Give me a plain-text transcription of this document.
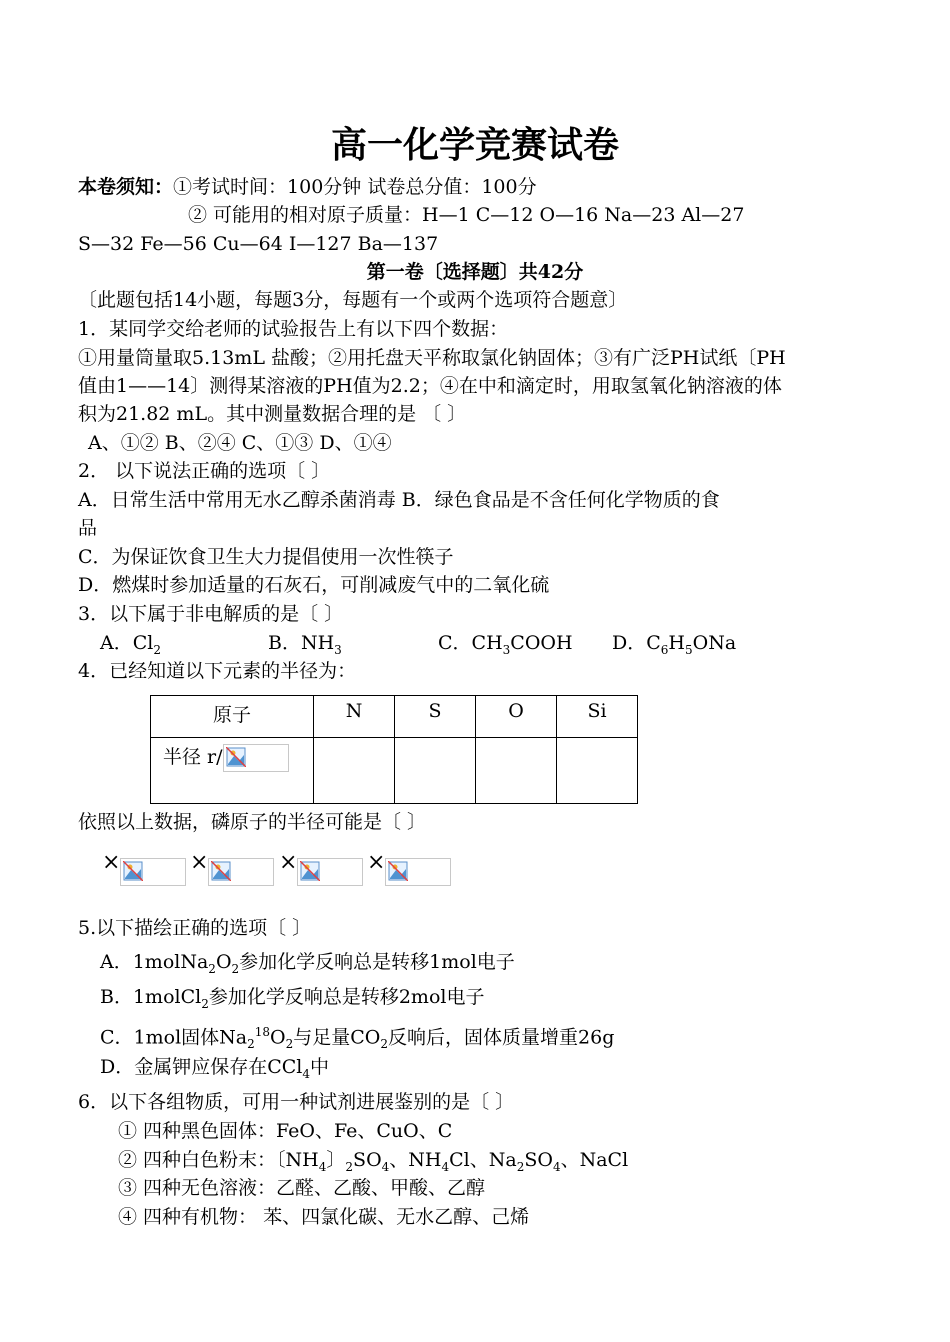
高一化学竞赛试卷
本卷须知：①考试时间：100分钟 试卷总分值：100分
② 可能用的相对原子质量：H—1 C—12 O—16 Na—23 Al—27
S—32 Fe—56 Cu—64 I—127 Ba—137
第一卷〔选择题〕共42分
〔此题包括14小题，每题3分，每题有一个或两个选项符合题意〕
1．某同学交给老师的试验报告上有以下四个数据：
①用量筒量取5.13mL 盐酸；②用托盘天平称取氯化钠固体；③有广泛PH试纸〔PH
值由1——14〕测得某溶液的PH值为2.2；④在中和滴定时，用取氢氧化钠溶液的体
积为21.82 mL。其中测量数据合理的是 〔 〕
A、①② B、②④ C、①③ D、①④
2． 以下说法正确的选项〔 〕
A．日常生活中常用无水乙醇杀菌消毒 B．绿色食品是不含任何化学物质的食
品
C．为保证饮食卫生大力提倡使用一次性筷子
D．燃煤时参加适量的石灰石，可削减废气中的二氧化硫
3．以下属于非电解质的是〔 〕
A．$Cl_2$	B．$NH_3$	C．$CH_3COOH$ D．$C_6H_5ONa$
4．已经知道以下元素的半径为：
原子	N	S	O	Si
半径 r/

依照以上数据，磷原子的半径可能是〔 〕
×	×	×	×
5.以下描绘正确的选项〔 〕
A．$1molNa_2O_2$参加化学反响总是转移1mol电子
B．1molCl$_2$参加化学反响总是转移2mol电子
C．1mol固体$Na_2^{18}O_2$与足量$CO_2$反响后，固体质量增重26g
D．金属钾应保存在CCl$_4$中
6．以下各组物质，可用一种试剂进展鉴别的是〔 〕
① 四种黑色固体：FeO、Fe、CuO、C
② 四种白色粉末：〔$NH_4$〕$_2SO_4$、$NH_4Cl$、$Na_2SO_4$、NaCl
③ 四种无色溶液：乙醛、乙酸、甲酸、乙醇
④ 四种有机物： 苯、四氯化碳、无水乙醇、己烯
